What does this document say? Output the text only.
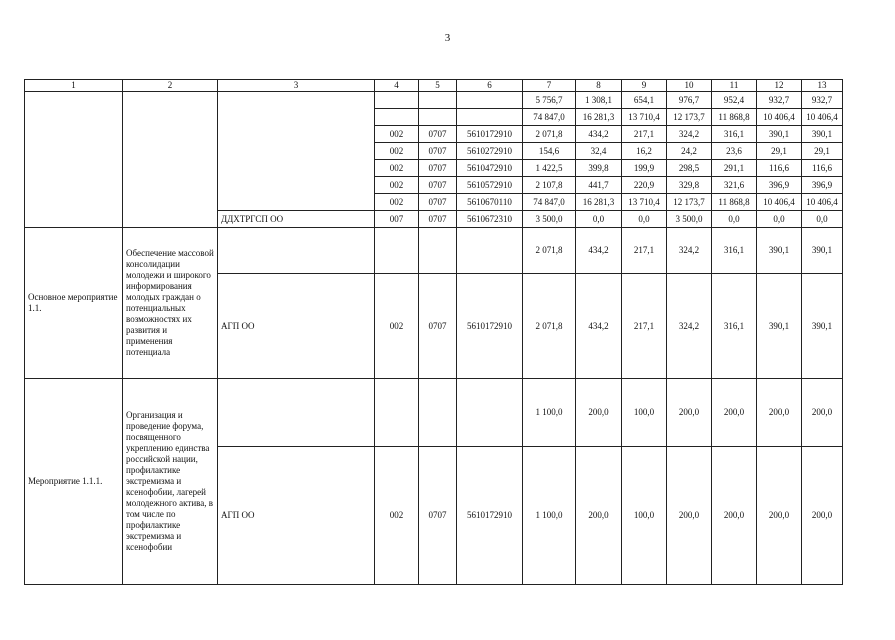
3
1	2	3	4	5	6	7	8	9	10	11	12	13
						5 756,7	1 308,1	654,1	976,7	952,4	932,7	932,7
						74 847,0	16 281,3	13 710,4	12 173,7	11 868,8	10 406,4	10 406,4
			002	0707	5610172910	2 071,8	434,2	217,1	324,2	316,1	390,1	390,1
			002	0707	5610272910	154,6	32,4	16,2	24,2	23,6	29,1	29,1
			002	0707	5610472910	1 422,5	399,8	199,9	298,5	291,1	116,6	116,6
			002	0707	5610572910	2 107,8	441,7	220,9	329,8	321,6	396,9	396,9
			002	0707	5610670110	74 847,0	16 281,3	13 710,4	12 173,7	11 868,8	10 406,4	10 406,4
		ДДХТРГСП ОО	007	0707	5610672310	3 500,0	0,0	0,0	3 500,0	0,0	0,0	0,0
Основное мероприятие 1.1.	Обеспечение массовой консолидации молодежи и широкого информирования молодых граждан о потенциальных возможностях их развития и применения потенциала					2 071,8	434,2	217,1	324,2	316,1	390,1	390,1
		АГП ОО	002	0707	5610172910	2 071,8	434,2	217,1	324,2	316,1	390,1	390,1
Мероприятие 1.1.1.	Организация и проведение форума, посвященного укреплению единства российской нации, профилактике экстремизма и ксенофобии, лагерей молодежного актива, в том числе по профилактике экстремизма и ксенофобии					1 100,0	200,0	100,0	200,0	200,0	200,0	200,0
		АГП ОО	002	0707	5610172910	1 100,0	200,0	100,0	200,0	200,0	200,0	200,0
